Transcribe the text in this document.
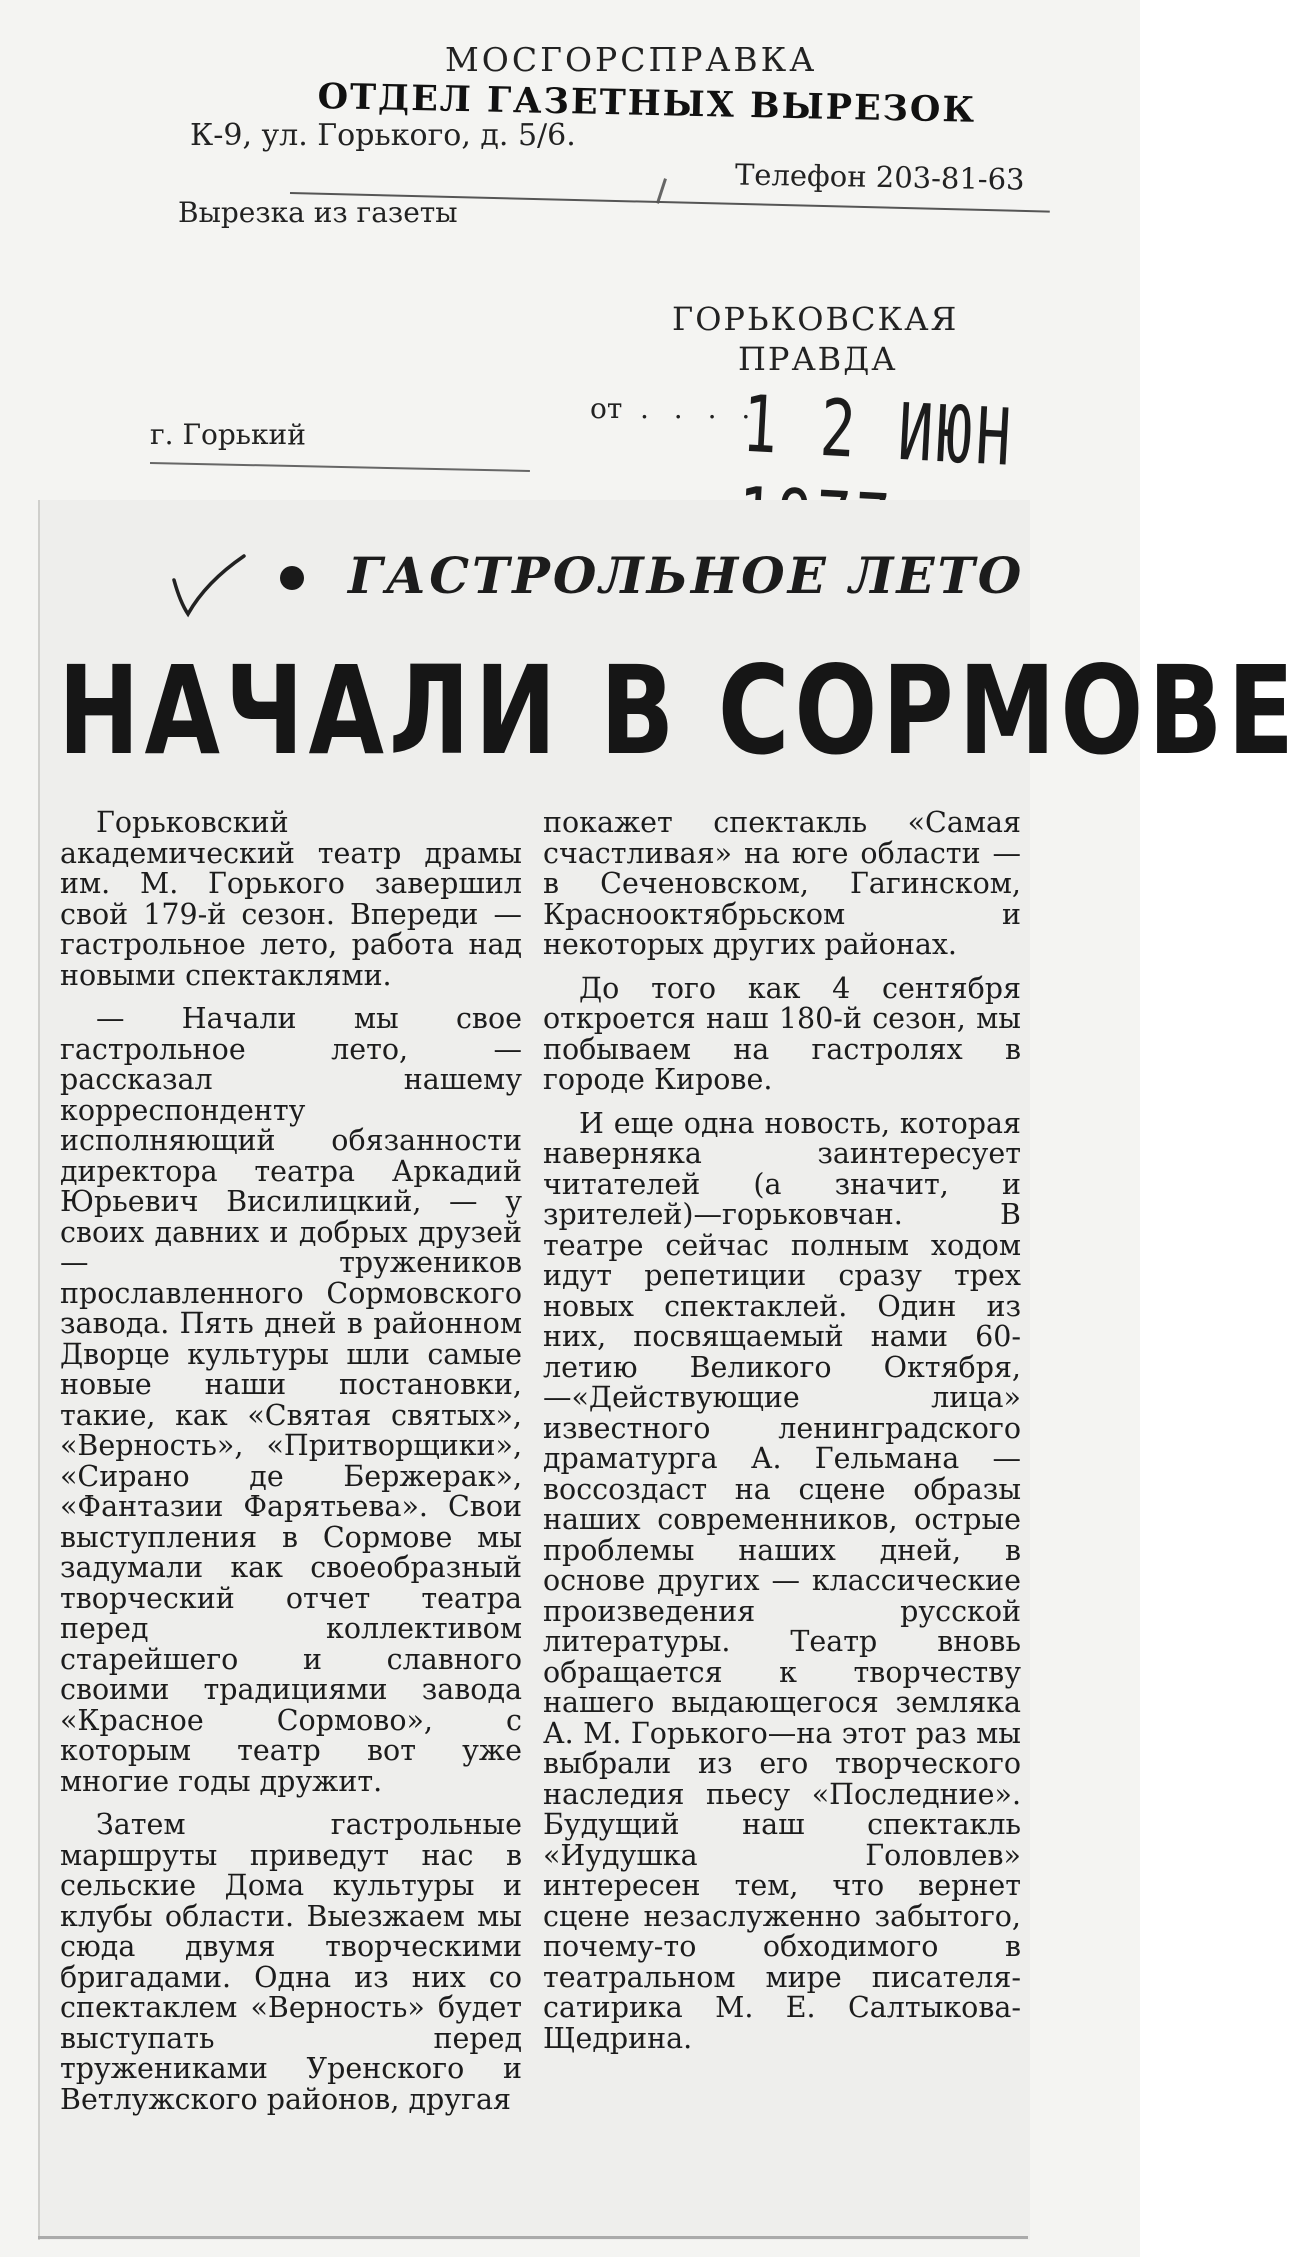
МОСГОРСПРАВКА
ОТДЕЛ ГАЗЕТНЫХ ВЫРЕЗОК
К-9, ул. Горького, д. 5/6.
Телефон 203-81-63
Вырезка из газеты
ГОРЬКОВСКАЯ
ПРАВДА
от . . . .
1 2 ИЮН
г. Горький
ГАСТРОЛЬНОЕ ЛЕТО
НАЧАЛИ В СОРМОВЕ

Горьковский академический театр драмы им. М. Горького завершил свой 179-й сезон. Впереди — гастрольное лето, работа над новыми спектаклями.

— Начали мы свое гастрольное лето, — рассказал нашему корреспонденту исполняющий обязанности директора театра Аркадий Юрьевич Висилицкий, — у своих давних и добрых друзей — тружеников прославленного Сормовского завода. Пять дней в районном Дворце культуры шли самые новые наши постановки, такие, как «Святая святых», «Верность», «Притворщики», «Сирано де Бержерак», «Фантазии Фарятьева». Свои выступления в Сормове мы задумали как своеобразный творческий отчет театра перед коллективом старейшего и славного своими традициями завода «Красное Сормово», с которым театр вот уже многие годы дружит.

Затем гастрольные маршруты приведут нас в сельские Дома культуры и клубы области. Выезжаем мы сюда двумя творческими бригадами. Одна из них со спектаклем «Верность» будет выступать перед тружениками Уренского и Ветлужского районов, другая

покажет спектакль «Самая счастливая» на юге области — в Сеченовском, Гагинском, Краснооктябрьском и некоторых других районах.

До того как 4 сентября откроется наш 180-й сезон, мы побываем на гастролях в городе Кирове.

И еще одна новость, которая наверняка заинтересует читателей (а значит, и зрителей)—горьковчан. В театре сейчас полным ходом идут репетиции сразу трех новых спектаклей. Один из них, посвящаемый нами 60-летию Великого Октября,—«Действующие лица» известного ленинградского драматурга А. Гельмана — воссоздаст на сцене образы наших современников, острые проблемы наших дней, в основе других — классические произведения русской литературы. Театр вновь обращается к творчеству нашего выдающегося земляка А. М. Горького—на этот раз мы выбрали из его творческого наследия пьесу «Последние». Будущий наш спектакль «Иудушка Головлев» интересен тем, что вернет сцене незаслуженно забытого, почему-то обходимого в театральном мире писателя-сатирика М. Е. Салтыкова-Щедрина.
